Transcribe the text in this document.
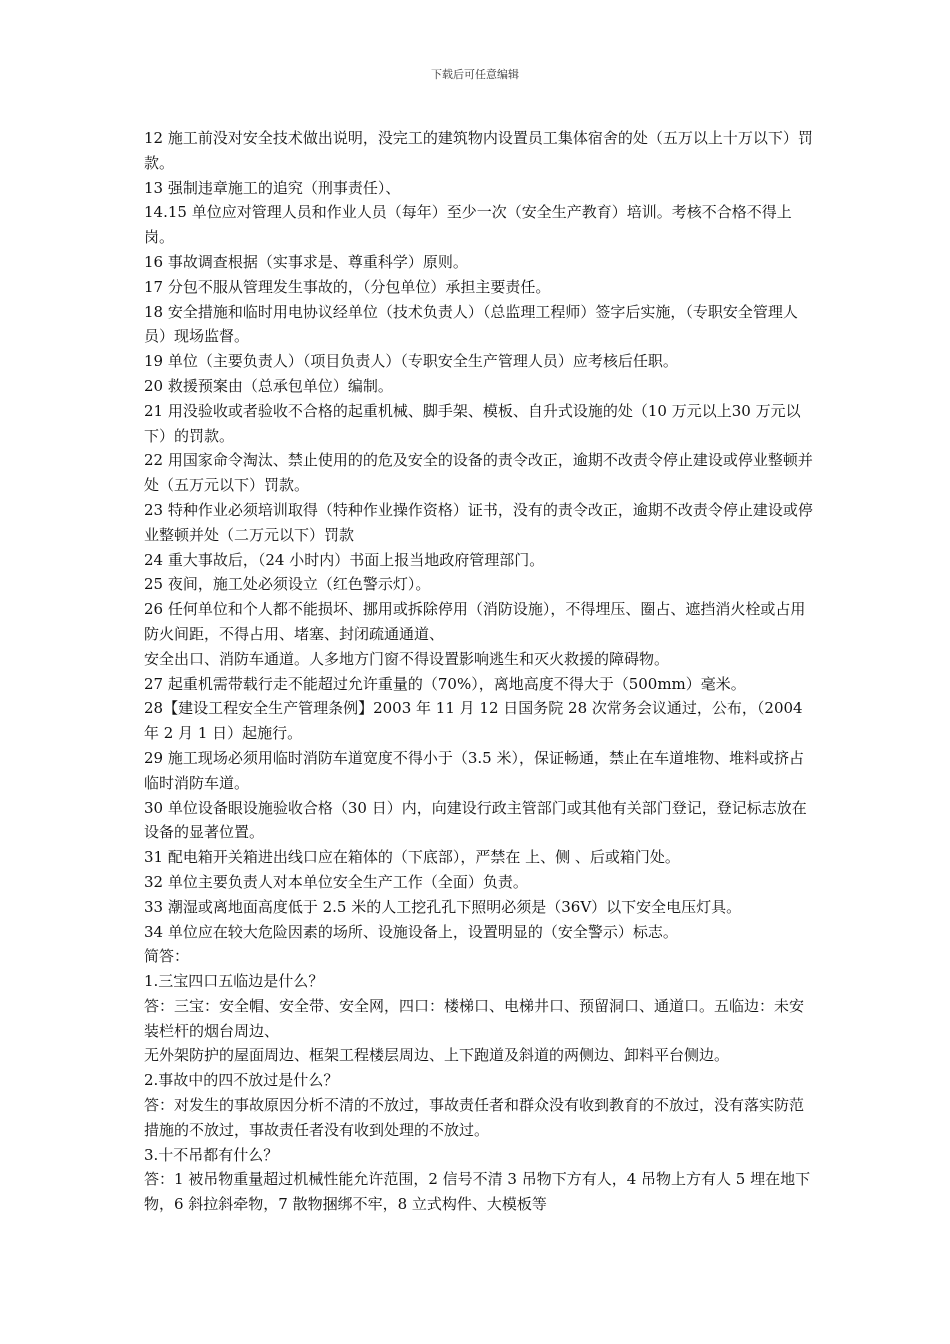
下载后可任意编辑

12 施工前没对安全技术做出说明，没完工的建筑物内设置员工集体宿舍的处（五万以上十万以下）罚款。

13 强制违章施工的追究（刑事责任）、

14.15 单位应对管理人员和作业人员（每年）至少一次（安全生产教育）培训。考核不合格不得上岗。

16 事故调查根据（实事求是、尊重科学）原则。

17 分包不服从管理发生事故的，（分包单位）承担主要责任。

18 安全措施和临时用电协议经单位（技术负责人）（总监理工程师）签字后实施，（专职安全管理人员）现场监督。

19 单位（主要负责人）（项目负责人）（专职安全生产管理人员）应考核后任职。

20 救援预案由（总承包单位）编制。

21 用没验收或者验收不合格的起重机械、脚手架、模板、自升式设施的处（10 万元以上30 万元以下）的罚款。

22 用国家命令淘汰、禁止使用的的危及安全的设备的责令改正，逾期不改责令停止建设或停业整顿并处（五万元以下）罚款。

23 特种作业必须培训取得（特种作业操作资格）证书，没有的责令改正，逾期不改责令停止建设或停业整顿并处（二万元以下）罚款

24 重大事故后，（24 小时内）书面上报当地政府管理部门。

25 夜间，施工处必须设立（红色警示灯）。

26 任何单位和个人都不能损坏、挪用或拆除停用（消防设施），不得埋压、圈占、遮挡消火栓或占用防火间距，不得占用、堵塞、封闭疏通通道、

安全出口、消防车通道。人多地方门窗不得设置影响逃生和灭火救援的障碍物。

27 起重机需带载行走不能超过允许重量的（70%），离地高度不得大于（500mm）毫米。

28【建设工程安全生产管理条例】2003 年 11 月 12 日国务院 28 次常务会议通过，公布，（2004 年 2 月 1 日）起施行。

29 施工现场必须用临时消防车道宽度不得小于（3.5 米），保证畅通，禁止在车道堆物、堆料或挤占临时消防车道。

30 单位设备眼设施验收合格（30 日）内，向建设行政主管部门或其他有关部门登记，登记标志放在设备的显著位置。

31 配电箱开关箱进出线口应在箱体的（下底部），严禁在 上、侧 、后或箱门处。

32 单位主要负责人对本单位安全生产工作（全面）负责。

33 潮湿或离地面高度低于 2.5 米的人工挖孔孔下照明必须是（36V）以下安全电压灯具。

34 单位应在较大危险因素的场所、设施设备上，设置明显的（安全警示）标志。

简答：

1.三宝四口五临边是什么？

答：三宝：安全帽、安全带、安全网，四口：楼梯口、电梯井口、预留洞口、通道口。五临边：未安装栏杆的烟台周边、

无外架防护的屋面周边、框架工程楼层周边、上下跑道及斜道的两侧边、卸料平台侧边。

2.事故中的四不放过是什么？

答：对发生的事故原因分析不清的不放过，事故责任者和群众没有收到教育的不放过，没有落实防范措施的不放过，事故责任者没有收到处理的不放过。

3.十不吊都有什么？

答：1 被吊物重量超过机械性能允许范围，2 信号不清 3 吊物下方有人，4 吊物上方有人 5 埋在地下物，6 斜拉斜牵物，7 散物捆绑不牢，8 立式构件、大模板等
